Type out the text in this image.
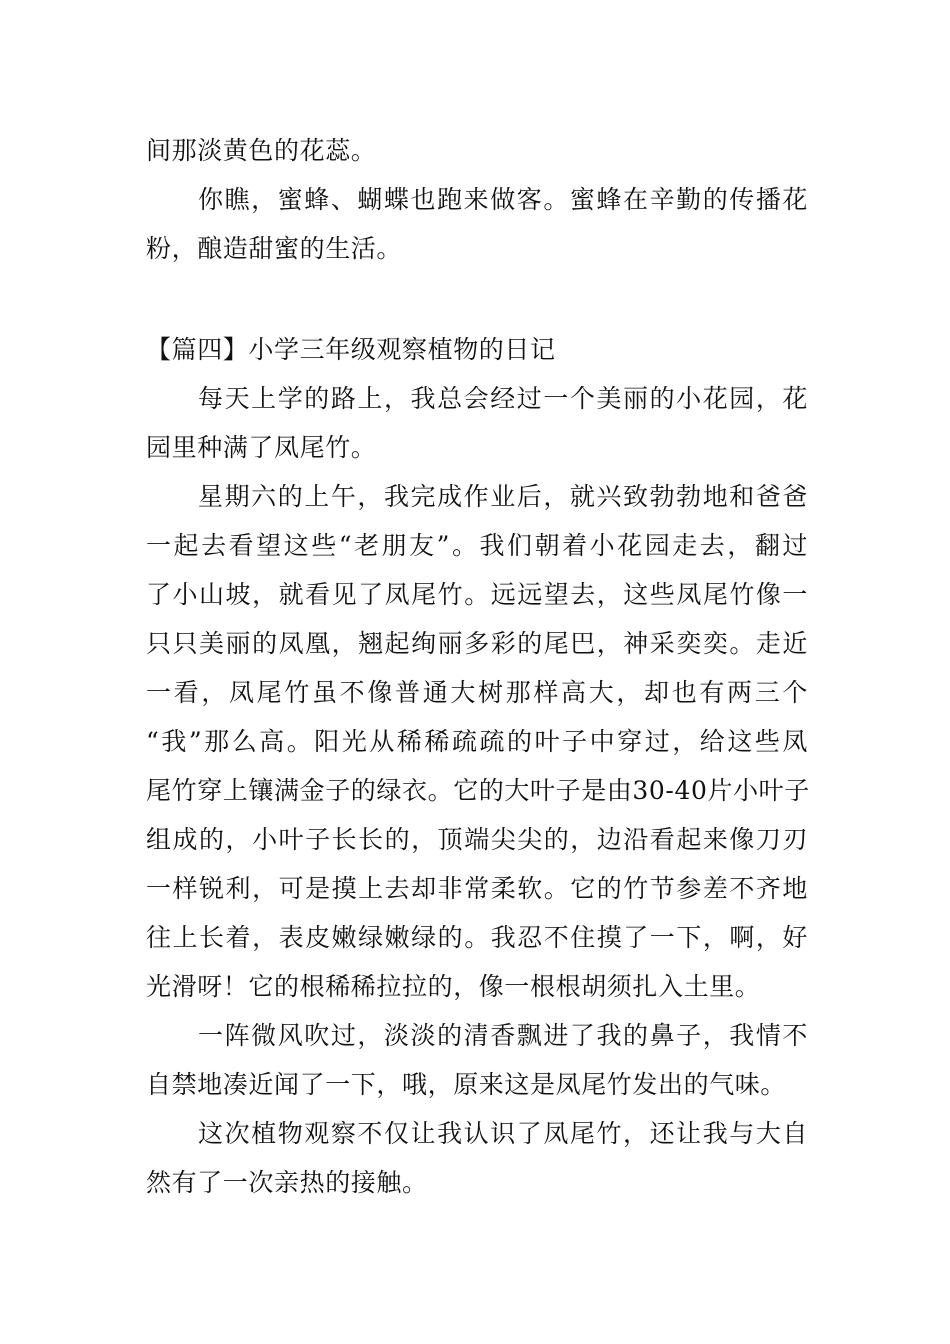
间那淡黄色的花蕊。
你瞧，蜜蜂、蝴蝶也跑来做客。蜜蜂在辛勤的传播花
粉，酿造甜蜜的生活。
【篇四】小学三年级观察植物的日记
每天上学的路上，我总会经过一个美丽的小花园，花
园里种满了凤尾竹。
星期六的上午，我完成作业后，就兴致勃勃地和爸爸
一起去看望这些“老朋友”。我们朝着小花园走去，翻过
了小山坡，就看见了凤尾竹。远远望去，这些凤尾竹像一
只只美丽的凤凰，翘起绚丽多彩的尾巴，神采奕奕。走近
一看，凤尾竹虽不像普通大树那样高大，却也有两三个
“我”那么高。阳光从稀稀疏疏的叶子中穿过，给这些凤
尾竹穿上镶满金子的绿衣。它的大叶子是由30-40片小叶子
组成的，小叶子长长的，顶端尖尖的，边沿看起来像刀刃
一样锐利，可是摸上去却非常柔软。它的竹节参差不齐地
往上长着，表皮嫩绿嫩绿的。我忍不住摸了一下，啊，好
光滑呀！它的根稀稀拉拉的，像一根根胡须扎入土里。
一阵微风吹过，淡淡的清香飘进了我的鼻子，我情不
自禁地凑近闻了一下，哦，原来这是凤尾竹发出的气味。
这次植物观察不仅让我认识了凤尾竹，还让我与大自
然有了一次亲热的接触。
